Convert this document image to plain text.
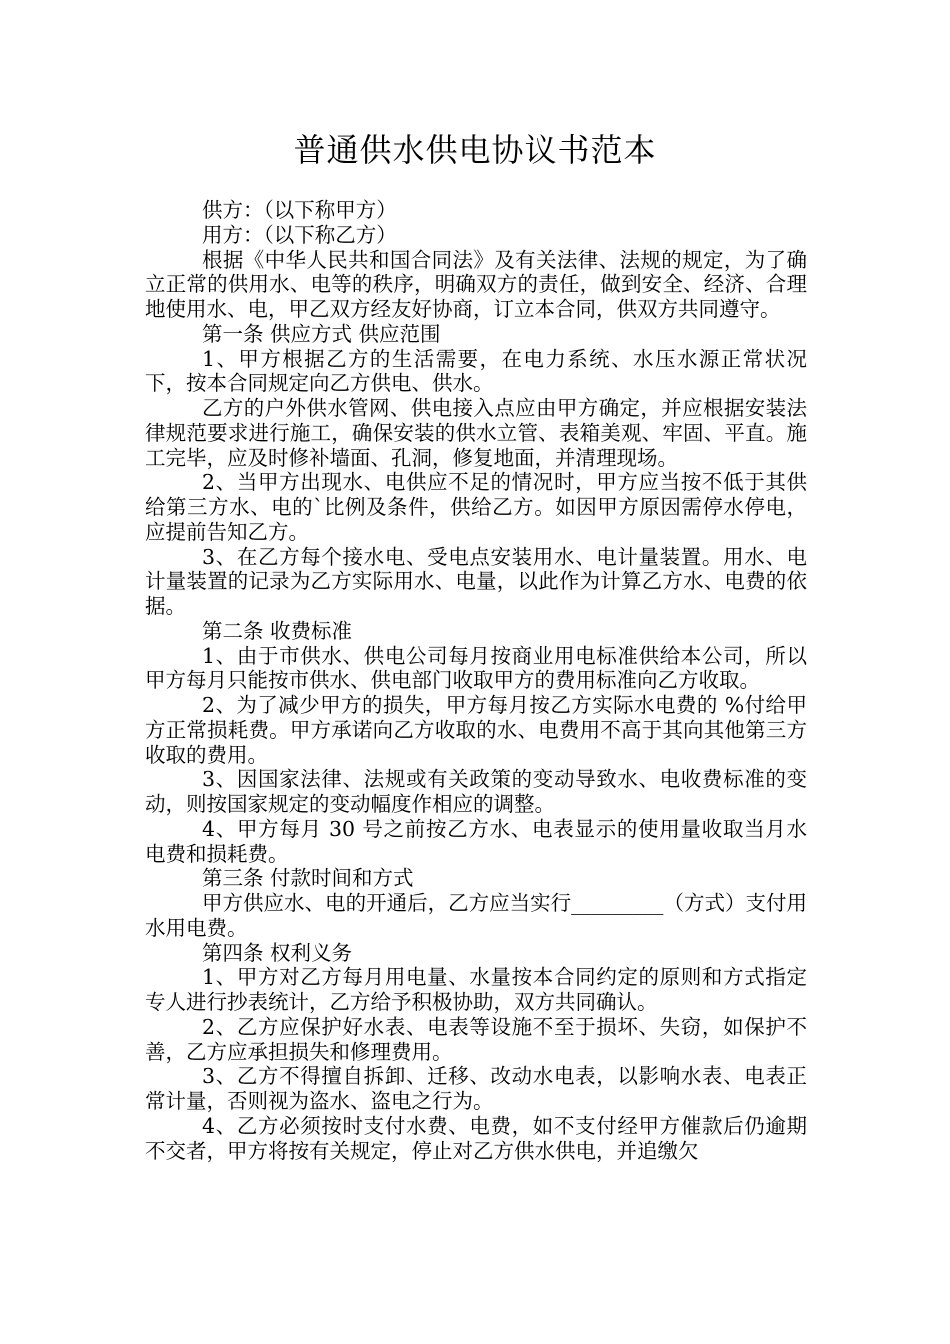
普通供水供电协议书范本

供方：（以下称甲方）

用方：（以下称乙方）

根据《中华人民共和国合同法》及有关法律、法规的规定，为了确立正常的供用水、电等的秩序，明确双方的责任，做到安全、经济、合理地使用水、电，甲乙双方经友好协商，订立本合同，供双方共同遵守。

第一条 供应方式 供应范围

1、甲方根据乙方的生活需要，在电力系统、水压水源正常状况下，按本合同规定向乙方供电、供水。

乙方的户外供水管网、供电接入点应由甲方确定，并应根据安装法律规范要求进行施工，确保安装的供水立管、表箱美观、牢固、平直。施工完毕，应及时修补墙面、孔洞，修复地面，并清理现场。

2、当甲方出现水、电供应不足的情况时，甲方应当按不低于其供给第三方水、电的`比例及条件，供给乙方。如因甲方原因需停水停电，应提前告知乙方。

3、在乙方每个接水电、受电点安装用水、电计量装置。用水、电计量装置的记录为乙方实际用水、电量，以此作为计算乙方水、电费的依据。

第二条 收费标准

1、由于市供水、供电公司每月按商业用电标准供给本公司，所以甲方每月只能按市供水、供电部门收取甲方的费用标准向乙方收取。

2、为了减少甲方的损失，甲方每月按乙方实际水电费的 %付给甲方正常损耗费。甲方承诺向乙方收取的水、电费用不高于其向其他第三方收取的费用。

3、因国家法律、法规或有关政策的变动导致水、电收费标准的变动，则按国家规定的变动幅度作相应的调整。

4、甲方每月 30 号之前按乙方水、电表显示的使用量收取当月水电费和损耗费。

第三条 付款时间和方式

甲方供应水、电的开通后，乙方应当实行_________（方式）支付用水用电费。

第四条 权利义务

1、甲方对乙方每月用电量、水量按本合同约定的原则和方式指定专人进行抄表统计，乙方给予积极协助，双方共同确认。

2、乙方应保护好水表、电表等设施不至于损坏、失窃，如保护不善，乙方应承担损失和修理费用。

3、乙方不得擅自拆卸、迁移、改动水电表，以影响水表、电表正常计量，否则视为盗水、盗电之行为。

4、乙方必须按时支付水费、电费，如不支付经甲方催款后仍逾期不交者，甲方将按有关规定，停止对乙方供水供电，并追缴欠
